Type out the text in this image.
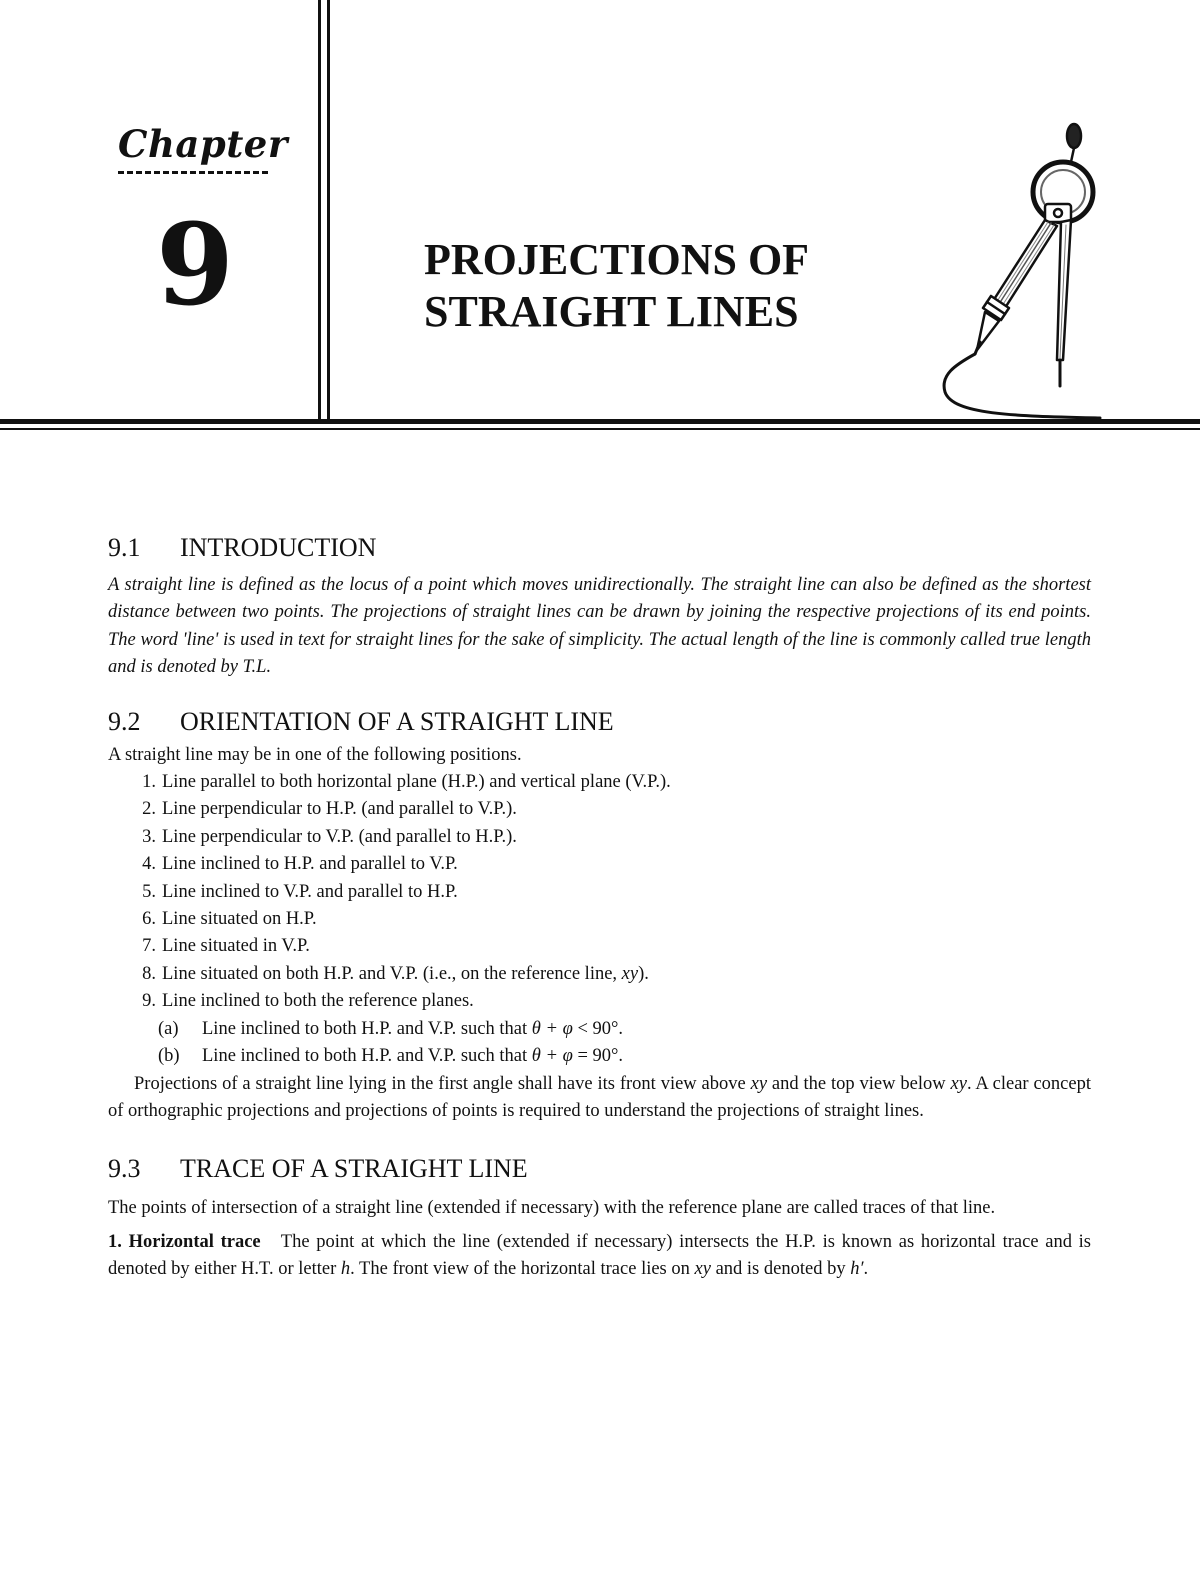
Chapter
9	PROJECTIONS OF
STRAIGHT LINES
9.1 INTRODUCTION

A straight line is defined as the locus of a point which moves unidirectionally. The straight line can also be defined as the shortest distance between two points. The projections of straight lines can be drawn by joining the respective projections of its end points. The word 'line' is used in text for straight lines for the sake of simplicity. The actual length of the line is commonly called true length and is denoted by T.L.

9.2 ORIENTATION OF A STRAIGHT LINE

A straight line may be in one of the following positions.

1. Line parallel to both horizontal plane (H.P.) and vertical plane (V.P.).
2. Line perpendicular to H.P. (and parallel to V.P.).
3. Line perpendicular to V.P. (and parallel to H.P.).
4. Line inclined to H.P. and parallel to V.P.
5. Line inclined to V.P. and parallel to H.P.
6. Line situated on H.P.
7. Line situated in V.P.
8. Line situated on both H.P. and V.P. (i.e., on the reference line, xy).
9. Line inclined to both the reference planes.
(a)	Line inclined to both H.P. and V.P. such that θ + φ < 90°.
(b)	Line inclined to both H.P. and V.P. such that θ + φ = 90°.

Projections of a straight line lying in the first angle shall have its front view above xy and the top view below xy. A clear concept of orthographic projections and projections of points is required to understand the projections of straight lines.

9.3 TRACE OF A STRAIGHT LINE

The points of intersection of a straight line (extended if necessary) with the reference plane are called traces of that line.

1. Horizontal trace The point at which the line (extended if necessary) intersects the H.P. is known as horizontal trace and is denoted by either H.T. or letter h. The front view of the horizontal trace lies on xy and is denoted by h′.
